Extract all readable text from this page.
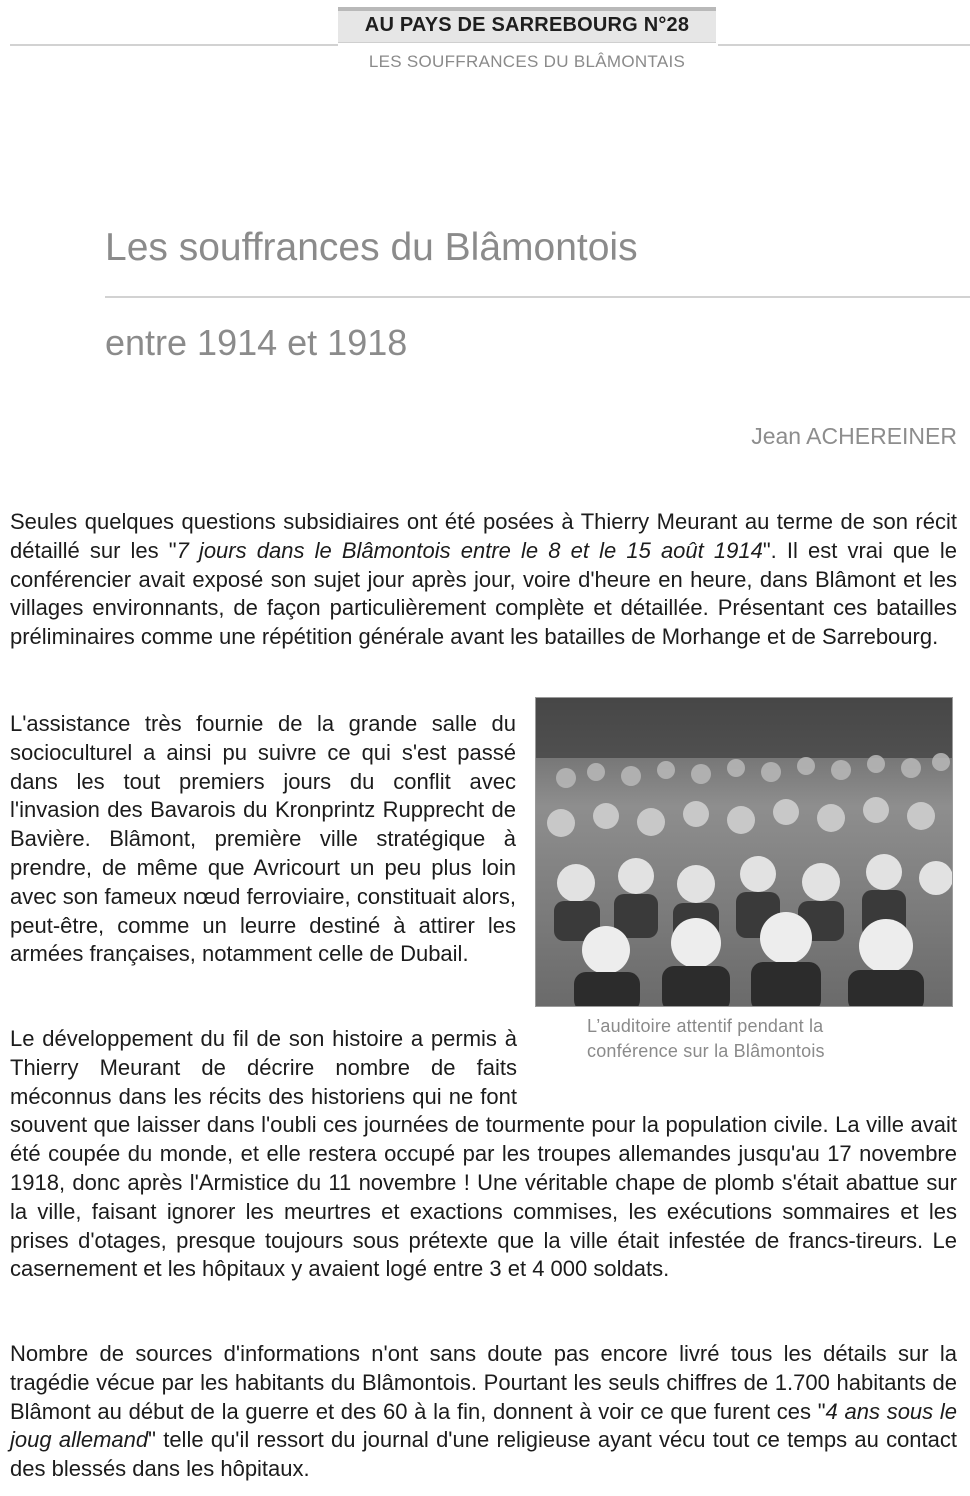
AU PAYS DE SARREBOURG N°28
LES SOUFFRANCES DU BLÂMONTAIS
Les souffrances du Blâmontois
entre 1914 et 1918
Jean ACHEREINER

Seules quelques questions subsidiaires ont été posées à Thierry Meurant au terme de son récit détaillé sur les "7 jours dans le Blâmontois entre le 8 et le 15 août 1914". Il est vrai que le conférencier avait exposé son sujet jour après jour, voire d'heure en heure, dans Blâmont et les villages environnants, de façon particulièrement complète et détaillée. Présentant ces batailles préliminaires comme une répétition générale avant les batailles de Morhange et de Sarrebourg.

L'assistance très fournie de la grande salle du socioculturel a ainsi pu suivre ce qui s'est passé dans les tout premiers jours du conflit avec l'invasion des Bavarois du Kronprintz Rupprecht de Bavière. Blâmont, première ville stratégique à prendre, de même que Avricourt un peu plus loin avec son fameux nœud ferroviaire, constituait alors, peut-être, comme un leurre destiné à attirer les armées françaises, notamment celle de Dubail.

L’auditoire attentif pendant la
conférence sur la Blâmontois

Le développement du fil de son histoire a permis à Thierry Meurant de décrire nombre de faits méconnus dans les récits des historiens qui ne font souvent que laisser dans l'oubli ces journées de tourmente pour la population civile. La ville avait été coupée du monde, et elle restera occupé par les troupes allemandes jusqu'au 17 novembre 1918, donc après l'Armistice du 11 novembre ! Une véritable chape de plomb s'était abattue sur la ville, faisant ignorer les meurtres et exactions commises, les exécutions sommaires et les prises d'otages, presque toujours sous prétexte que la ville était infestée de francs-tireurs. Le casernement et les hôpitaux y avaient logé entre 3 et 4 000 soldats.

Nombre de sources d'informations n'ont sans doute pas encore livré tous les détails sur la tragédie vécue par les habitants du Blâmontois. Pourtant les seuls chiffres de 1.700 habitants de Blâmont au début de la guerre et des 60 à la fin, donnent à voir ce que furent ces "4 ans sous le joug allemand" telle qu'il ressort du journal d'une religieuse ayant vécu tout ce temps au contact des blessés dans les hôpitaux.
